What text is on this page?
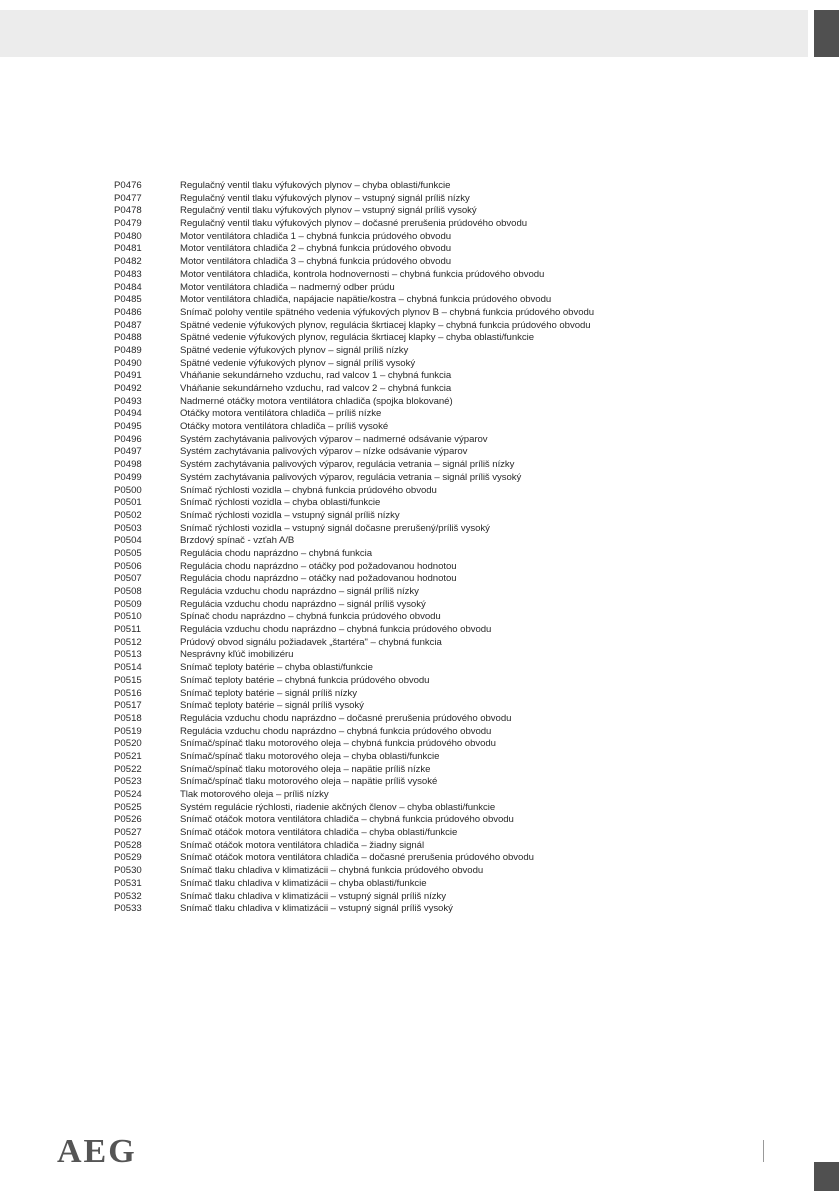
P0476	Regulačný ventil tlaku výfukových plynov – chyba oblasti/funkcie
P0477	Regulačný ventil tlaku výfukových plynov – vstupný signál príliš nízky
P0478	Regulačný ventil tlaku výfukových plynov – vstupný signál príliš vysoký
P0479	Regulačný ventil tlaku výfukových plynov – dočasné prerušenia prúdového obvodu
P0480	Motor ventilátora chladiča 1 – chybná funkcia prúdového obvodu
P0481	Motor ventilátora chladiča 2 – chybná funkcia prúdového obvodu
P0482	Motor ventilátora chladiča 3 – chybná funkcia prúdového obvodu
P0483	Motor ventilátora chladiča, kontrola hodnovernosti – chybná funkcia prúdového obvodu
P0484	Motor ventilátora chladiča – nadmerný odber prúdu
P0485	Motor ventilátora chladiča, napájacie napätie/kostra – chybná funkcia prúdového obvodu
P0486	Snímač polohy ventile spätného vedenia výfukových plynov B – chybná funkcia prúdového obvodu
P0487	Spätné vedenie výfukových plynov, regulácia škrtiacej klapky – chybná funkcia prúdového obvodu
P0488	Spätné vedenie výfukových plynov, regulácia škrtiacej klapky – chyba oblasti/funkcie
P0489	Spätné vedenie výfukových plynov – signál príliš nízky
P0490	Spätné vedenie výfukových plynov – signál príliš vysoký
P0491	Vháňanie sekundárneho vzduchu, rad valcov 1 – chybná funkcia
P0492	Vháňanie sekundárneho vzduchu, rad valcov 2 – chybná funkcia
P0493	Nadmerné otáčky motora ventilátora chladiča (spojka blokované)
P0494	Otáčky motora ventilátora chladiča – príliš nízke
P0495	Otáčky motora ventilátora chladiča – príliš vysoké
P0496	Systém zachytávania palivových výparov – nadmerné odsávanie výparov
P0497	Systém zachytávania palivových výparov – nízke odsávanie výparov
P0498	Systém zachytávania palivových výparov, regulácia vetrania – signál príliš nízky
P0499	Systém zachytávania palivových výparov, regulácia vetrania – signál príliš vysoký
P0500	Snímač rýchlosti vozidla – chybná funkcia prúdového obvodu
P0501	Snímač rýchlosti vozidla – chyba oblasti/funkcie
P0502	Snímač rýchlosti vozidla – vstupný signál príliš nízky
P0503	Snímač rýchlosti vozidla – vstupný signál dočasne prerušený/príliš vysoký
P0504	Brzdový spínač - vzťah A/B
P0505	Regulácia chodu naprázdno – chybná funkcia
P0506	Regulácia chodu naprázdno – otáčky pod požadovanou hodnotou
P0507	Regulácia chodu naprázdno – otáčky nad požadovanou hodnotou
P0508	Regulácia vzduchu chodu naprázdno – signál príliš nízky
P0509	Regulácia vzduchu chodu naprázdno – signál príliš vysoký
P0510	Spínač chodu naprázdno – chybná funkcia prúdového obvodu
P0511	Regulácia vzduchu chodu naprázdno – chybná funkcia prúdového obvodu
P0512	Prúdový obvod signálu požiadavek „štartéra" – chybná funkcia
P0513	Nesprávny kľúč imobilizéru
P0514	Snímač teploty batérie – chyba oblasti/funkcie
P0515	Snímač teploty batérie – chybná funkcia prúdového obvodu
P0516	Snímač teploty batérie – signál príliš nízky
P0517	Snímač teploty batérie – signál príliš vysoký
P0518	Regulácia vzduchu chodu naprázdno – dočasné prerušenia prúdového obvodu
P0519	Regulácia vzduchu chodu naprázdno – chybná funkcia prúdového obvodu
P0520	Snímač/spínač tlaku motorového oleja – chybná funkcia prúdového obvodu
P0521	Snímač/spínač tlaku motorového oleja – chyba oblasti/funkcie
P0522	Snímač/spínač tlaku motorového oleja – napätie príliš nízke
P0523	Snímač/spínač tlaku motorového oleja – napätie príliš vysoké
P0524	Tlak motorového oleja – príliš nízky
P0525	Systém regulácie rýchlosti, riadenie akčných členov – chyba oblasti/funkcie
P0526	Snímač otáčok motora ventilátora chladiča – chybná funkcia prúdového obvodu
P0527	Snímač otáčok motora ventilátora chladiča – chyba oblasti/funkcie
P0528	Snímač otáčok motora ventilátora chladiča – žiadny signál
P0529	Snímač otáčok motora ventilátora chladiča – dočasné prerušenia prúdového obvodu
P0530	Snímač tlaku chladiva v klimatizácii – chybná funkcia prúdového obvodu
P0531	Snímač tlaku chladiva v klimatizácii – chyba oblasti/funkcie
P0532	Snímač tlaku chladiva v klimatizácii – vstupný signál príliš nízky
P0533	Snímač tlaku chladiva v klimatizácii – vstupný signál príliš vysoký
AEG
